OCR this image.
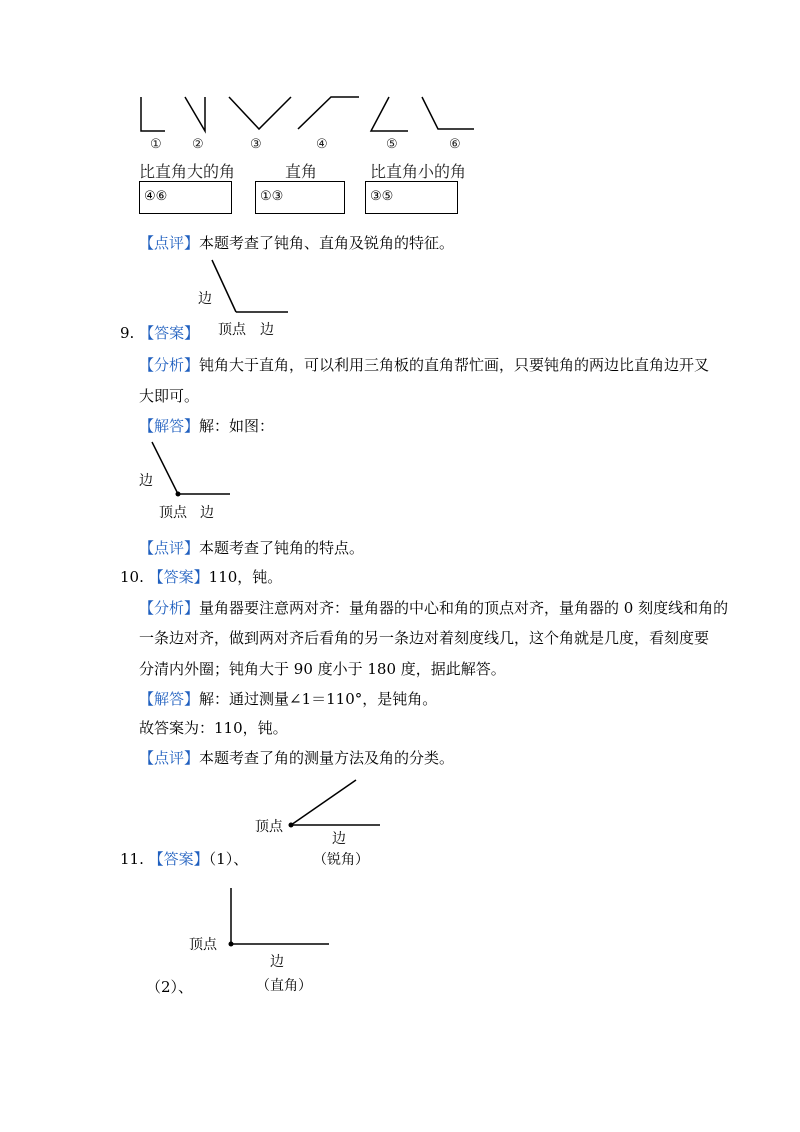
① ②	③	④	⑤	⑥
比直角大的角	直角	比直角小的角
④⑥	①③	③⑤
【点评】本题考查了钝角、直角及锐角的特征。
边
顶点 边
9. 【答案】
【分析】钝角大于直角，可以利用三角板的直角帮忙画，只要钝角的两边比直角边开叉
大即可。
【解答】解：如图：
边
顶点 边
【点评】本题考查了钝角的特点。
10. 【答案】110，钝。
【分析】量角器要注意两对齐：量角器的中心和角的顶点对齐，量角器的 0 刻度线和角的
一条边对齐，做到两对齐后看角的另一条边对着刻度线几，这个角就是几度，看刻度要
分清内外圈；钝角大于 90 度小于 180 度，据此解答。
【解答】解：通过测量∠1＝110°，是钝角。
故答案为：110，钝。
【点评】本题考查了角的测量方法及角的分类。
顶点
边
（锐角）
11. 【答案】（1）、
顶点
边
（2）、	（直角）
